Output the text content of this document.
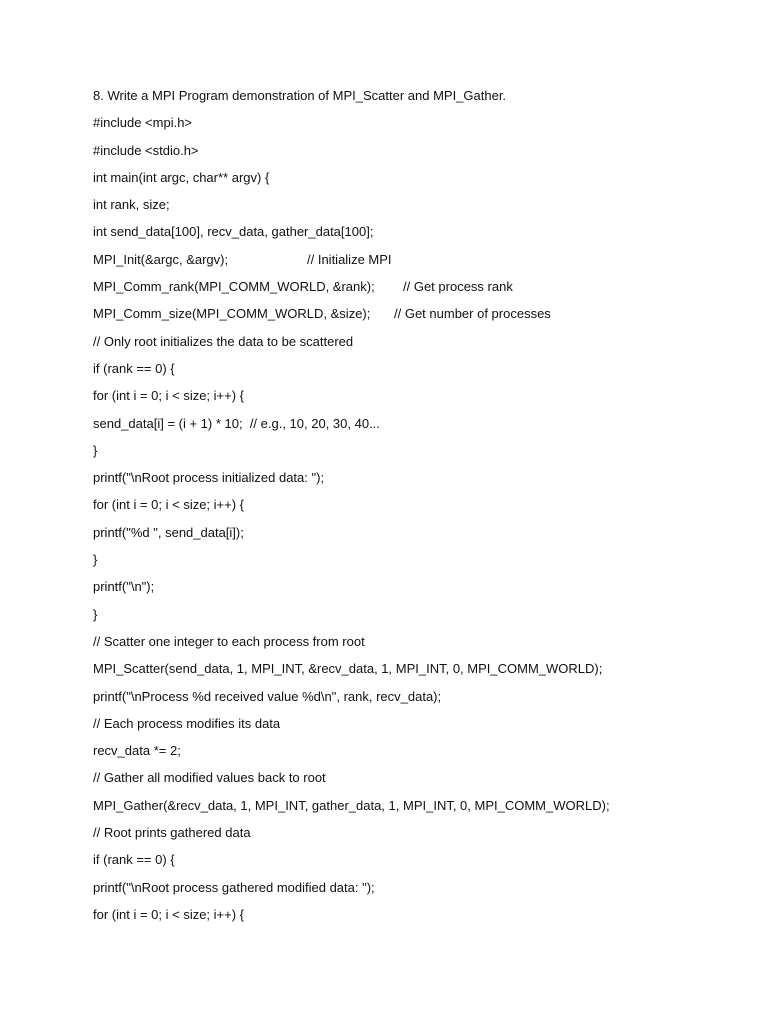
8. Write a MPI Program demonstration of MPI_Scatter and MPI_Gather.
#include <mpi.h>
#include <stdio.h>
int main(int argc, char** argv) {
int rank, size;
int send_data[100], recv_data, gather_data[100];
MPI_Init(&argc, &argv);	// Initialize MPI
MPI_Comm_rank(MPI_COMM_WORLD, &rank); // Get process rank
MPI_Comm_size(MPI_COMM_WORLD, &size); // Get number of processes
// Only root initializes the data to be scattered
if (rank == 0) {
for (int i = 0; i < size; i++) {
send_data[i] = (i + 1) * 10;  // e.g., 10, 20, 30, 40...
}
printf("\nRoot process initialized data: ");
for (int i = 0; i < size; i++) {
printf("%d ", send_data[i]);
}
printf("\n");
}
// Scatter one integer to each process from root
MPI_Scatter(send_data, 1, MPI_INT, &recv_data, 1, MPI_INT, 0, MPI_COMM_WORLD);
printf("\nProcess %d received value %d\n", rank, recv_data);
// Each process modifies its data
recv_data *= 2;
// Gather all modified values back to root
MPI_Gather(&recv_data, 1, MPI_INT, gather_data, 1, MPI_INT, 0, MPI_COMM_WORLD);
// Root prints gathered data
if (rank == 0) {
printf("\nRoot process gathered modified data: ");
for (int i = 0; i < size; i++) {
